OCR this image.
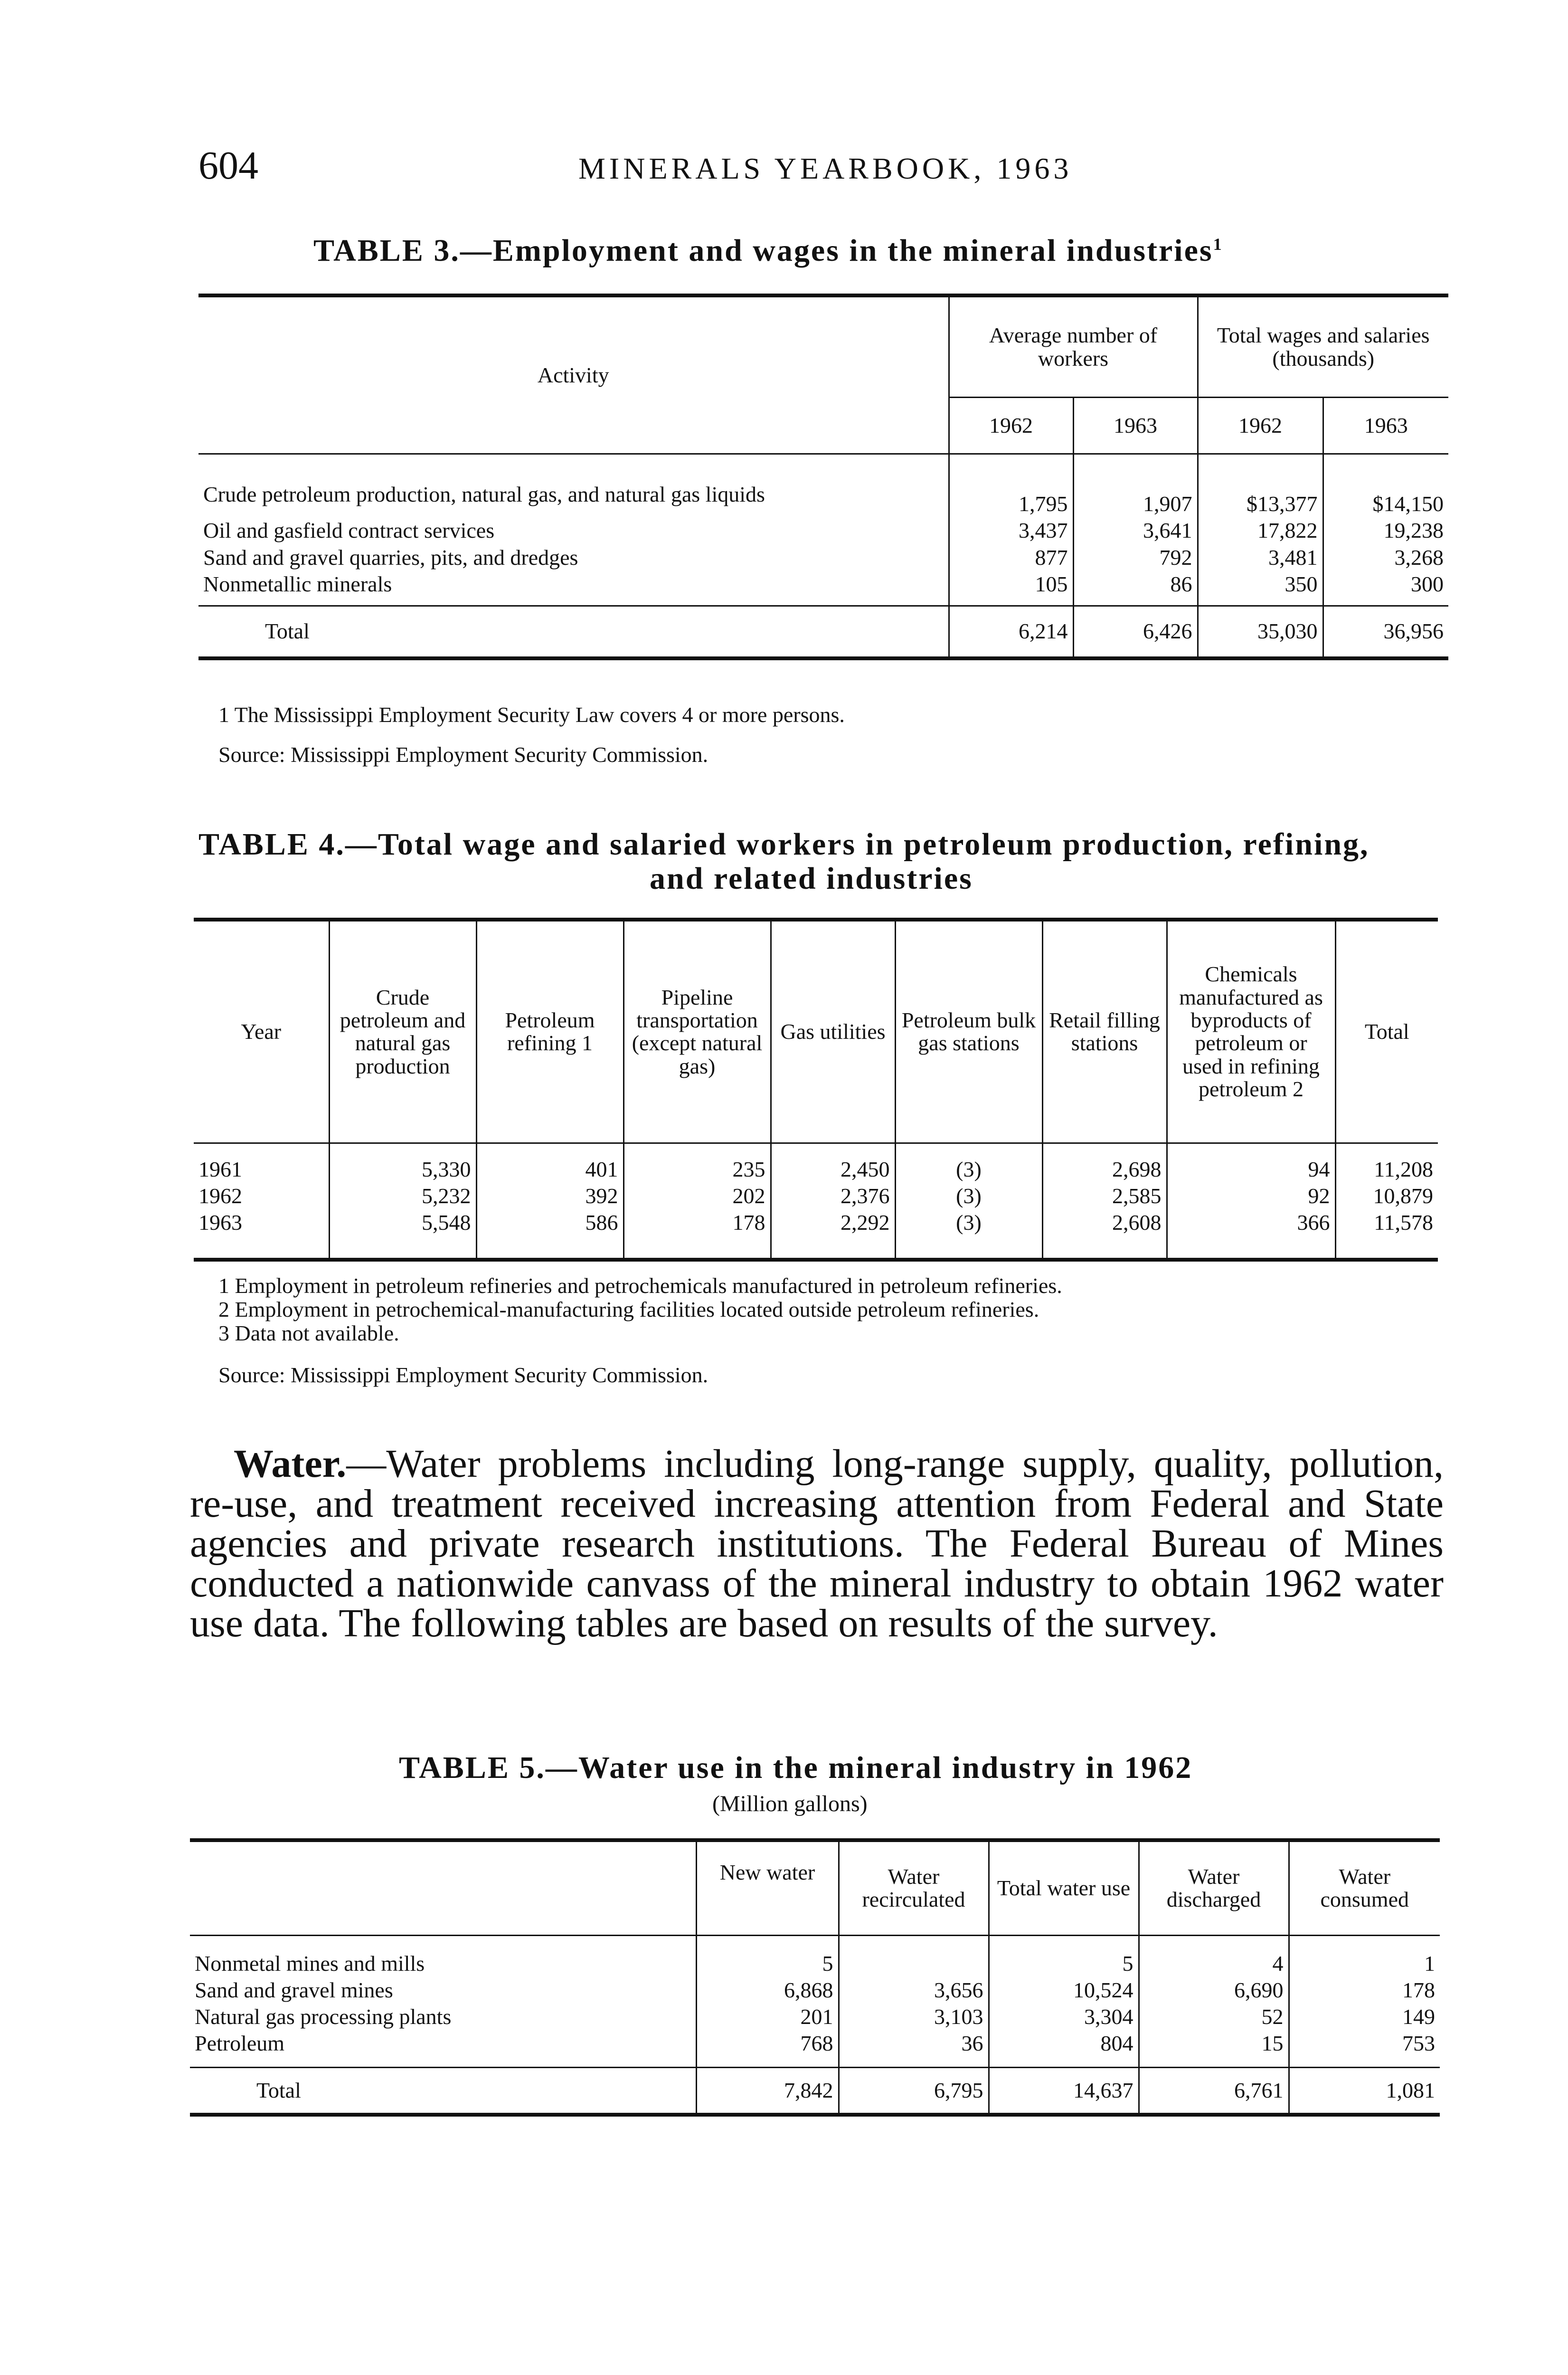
604	MINERALS YEARBOOK, 1963
TABLE 3.—Employment and wages in the mineral industries$^1$
Activity	Average number of workers		Total wages and salaries (thousands)	
	1962	1963	1962	1963
Crude petroleum production, natural gas, and natural gas liquids	1,795	1,907	$13,377	$14,150
Oil and gasfield contract services	3,437	3,641	17,822	19,238
Sand and gravel quarries, pits, and dredges	877	792	3,481	3,268
Nonmetallic minerals	105	86	350	300
Total	6,214	6,426	35,030	36,956
1 The Mississippi Employment Security Law covers 4 or more persons.
Source: Mississippi Employment Security Commission.
TABLE 4.—Total wage and salaried workers in petroleum production, refining,
and related industries
Year	Crude petroleum and natural gas production	Petroleum refining 1	Pipeline transportation (except natural gas)	Gas utilities	Petroleum bulk gas stations	Retail filling stations	Chemicals manufactured as byproducts of petroleum or used in refining petroleum 2	Total
1961	5,330	401	235	2,450	(3)	2,698	94	11,208
1962	5,232	392	202	2,376	(3)	2,585	92	10,879
1963	5,548	586	178	2,292	(3)	2,608	366	11,578
1 Employment in petroleum refineries and petrochemicals manufactured in petroleum refineries.
2 Employment in petrochemical-manufacturing facilities located outside petroleum refineries.
3 Data not available.
Source: Mississippi Employment Security Commission.
Water.—Water problems including long-range supply, quality, pollution, re-use, and treatment received increasing attention from Federal and State agencies and private research institutions. The Federal Bureau of Mines conducted a nationwide canvass of the mineral industry to obtain 1962 water use data. The following tables are based on results of the survey.
TABLE 5.—Water use in the mineral industry in 1962
(Million gallons)
	New water	Water recirculated	Total water use	Water discharged	Water consumed
Nonmetal mines and mills	5		5	4	1
Sand and gravel mines	6,868	3,656	10,524	6,690	178
Natural gas processing plants	201	3,103	3,304	52	149
Petroleum	768	36	804	15	753
Total	7,842	6,795	14,637	6,761	1,081
